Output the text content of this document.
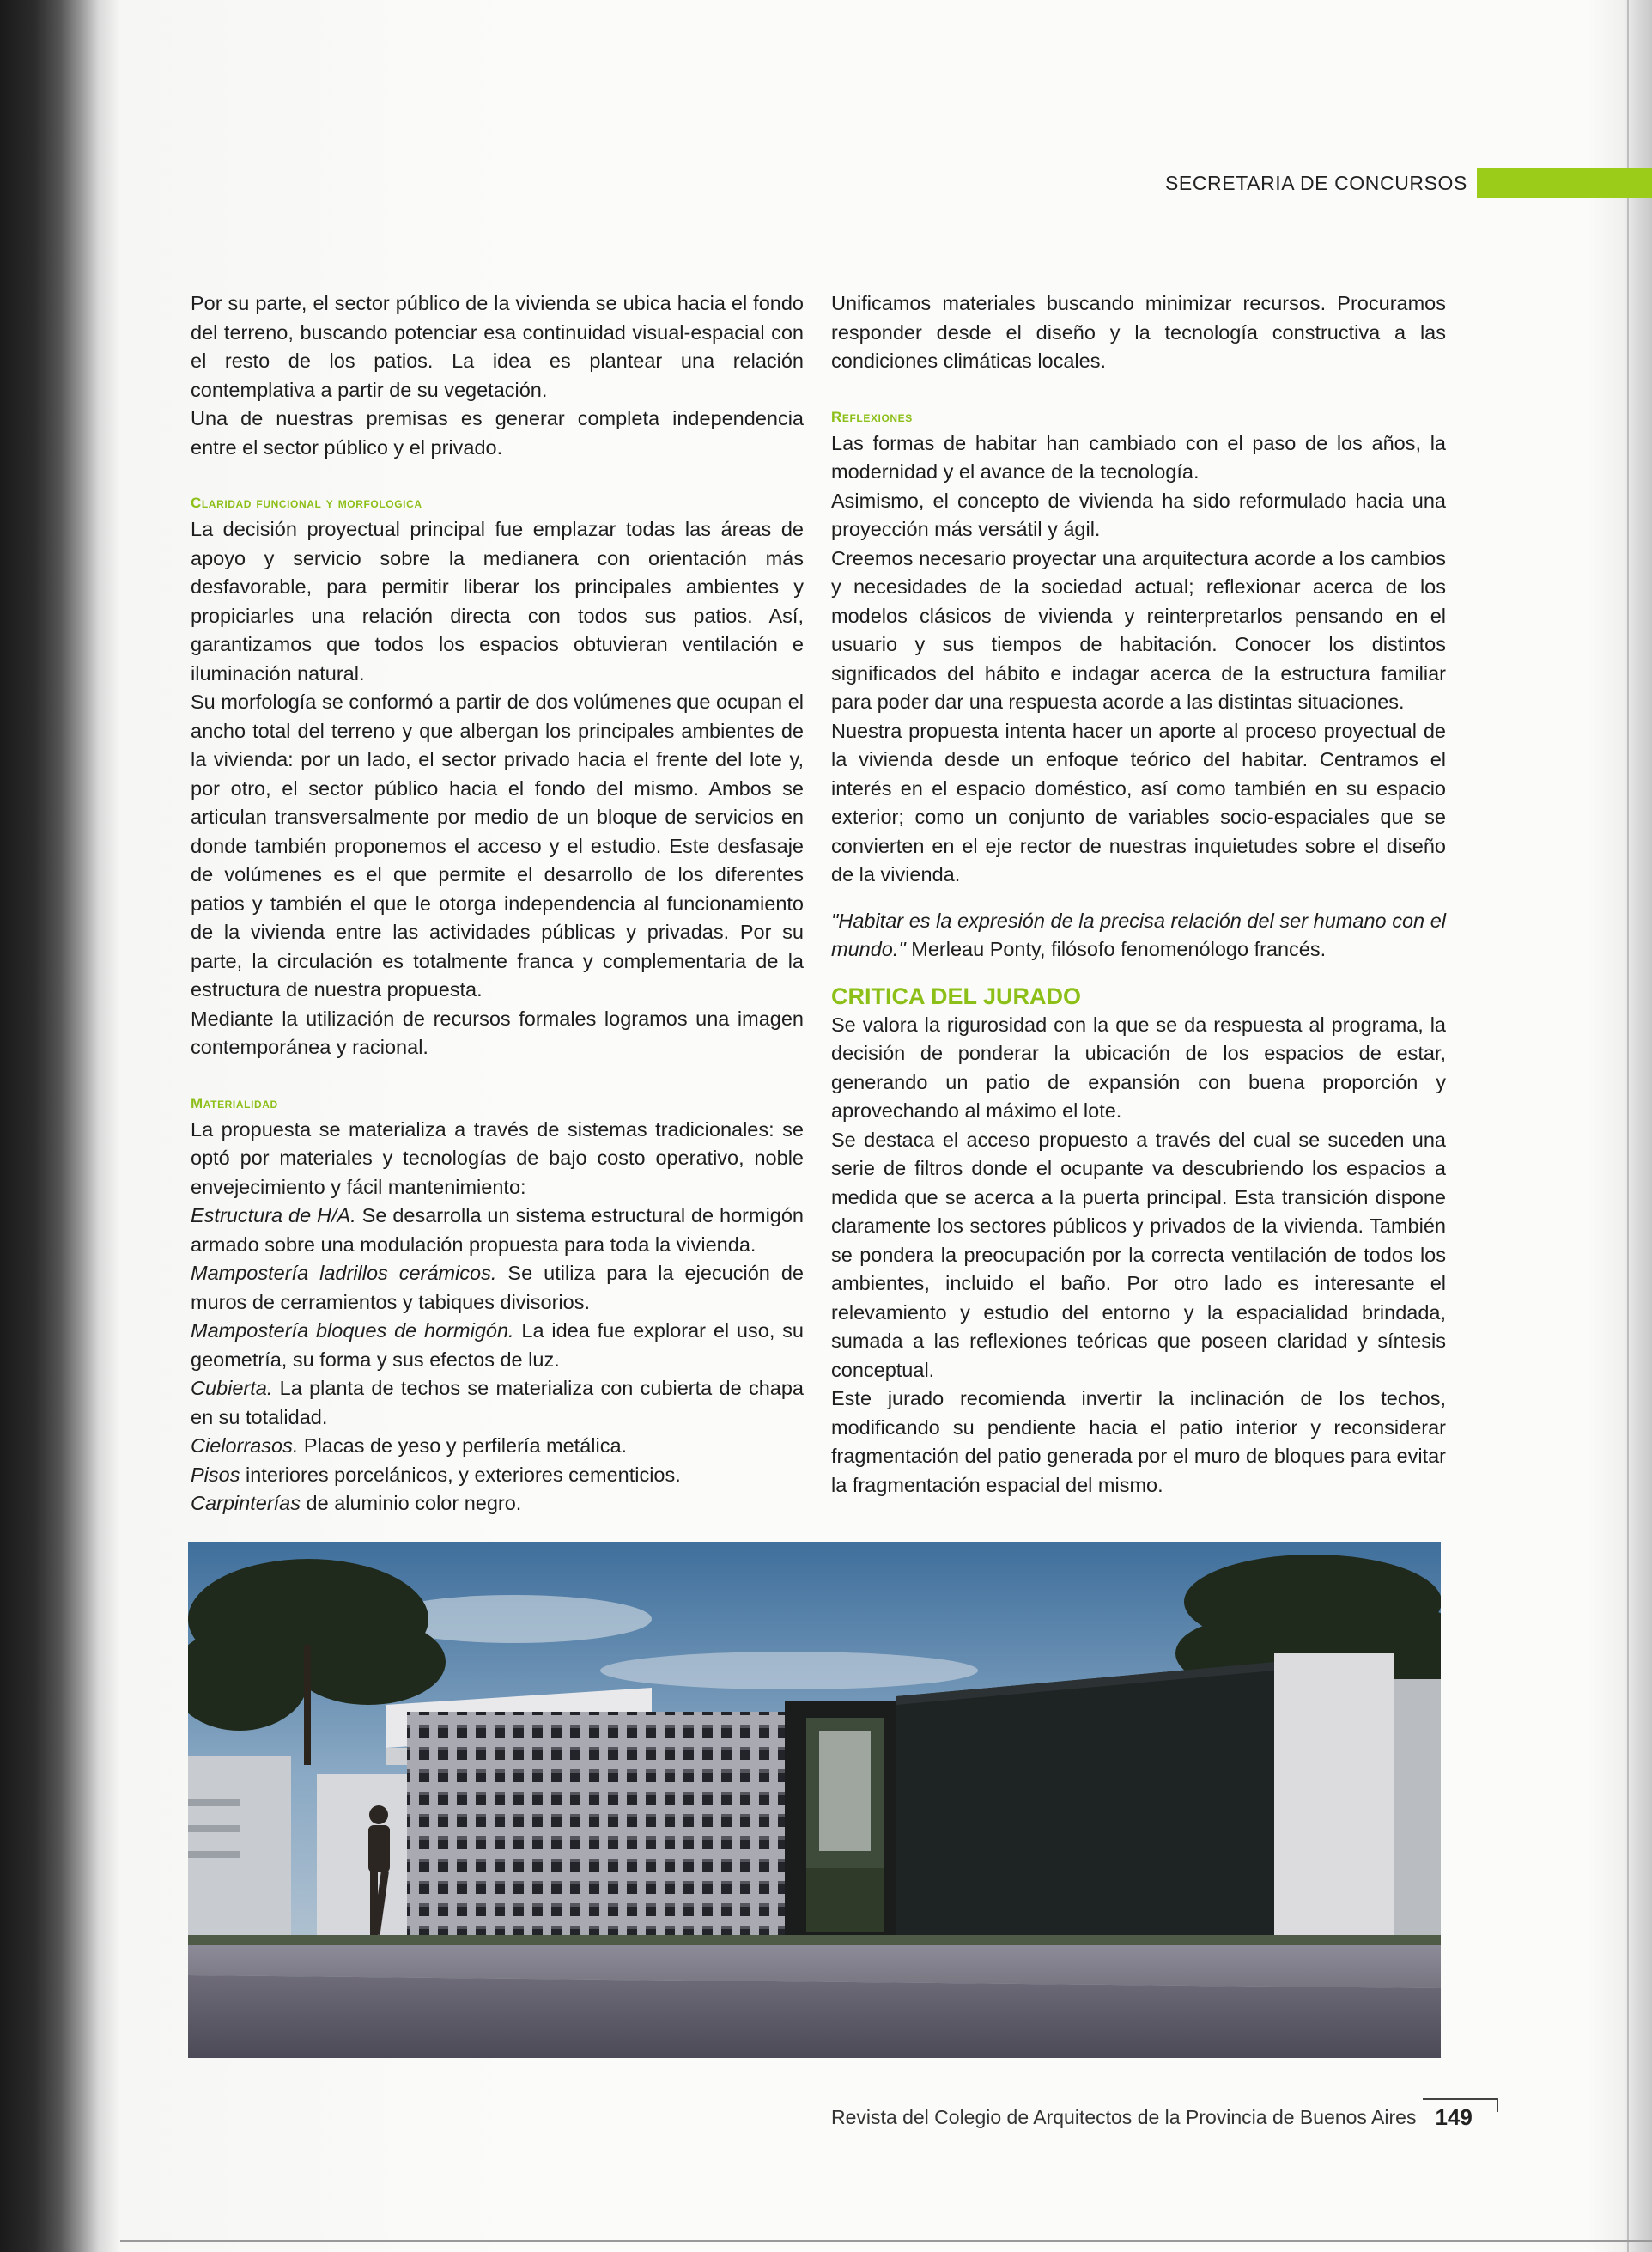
SECRETARIA DE CONCURSOS

Por su parte, el sector público de la vivienda se ubica hacia el fondo del terreno, buscando potenciar esa continuidad visual-espacial con el resto de los patios. La idea es plantear una relación contemplativa a partir de su vegetación.

Una de nuestras premisas es generar completa independencia entre el sector público y el privado.

Claridad funcional y morfologica

La decisión proyectual principal fue emplazar todas las áreas de apoyo y servicio sobre la medianera con orientación más desfavorable, para permitir liberar los principales ambientes y propiciarles una relación directa con todos sus patios. Así, garantizamos que todos los espacios obtuvieran ventilación e iluminación natural.

Su morfología se conformó a partir de dos volúmenes que ocupan el ancho total del terreno y que albergan los principales ambientes de la vivienda: por un lado, el sector privado hacia el frente del lote y, por otro, el sector público hacia el fondo del mismo. Ambos se articulan transversalmente por medio de un bloque de servicios en donde también proponemos el acceso y el estudio. Este desfasaje de volúmenes es el que permite el desarrollo de los diferentes patios y también el que le otorga independencia al funcionamiento de la vivienda entre las actividades públicas y privadas. Por su parte, la circulación es totalmente franca y complementaria de la estructura de nuestra propuesta.

Mediante la utilización de recursos formales logramos una imagen contemporánea y racional.

Materialidad

La propuesta se materializa a través de sistemas tradicionales: se optó por materiales y tecnologías de bajo costo operativo, noble envejecimiento y fácil mantenimiento:

Estructura de H/A. Se desarrolla un sistema estructural de hormigón armado sobre una modulación propuesta para toda la vivienda.

Mampostería ladrillos cerámicos. Se utiliza para la ejecución de muros de cerramientos y tabiques divisorios.

Mampostería bloques de hormigón. La idea fue explorar el uso, su geometría, su forma y sus efectos de luz.

Cubierta. La planta de techos se materializa con cubierta de chapa en su totalidad.

Cielorrasos. Placas de yeso y perfilería metálica.

Pisos interiores porcelánicos, y exteriores cementicios.

Carpinterías de aluminio color negro.

Unificamos materiales buscando minimizar recursos. Procuramos responder desde el diseño y la tecnología constructiva a las condiciones climáticas locales.

Reflexiones

Las formas de habitar han cambiado con el paso de los años, la modernidad y el avance de la tecnología.

Asimismo, el concepto de vivienda ha sido reformulado hacia una proyección más versátil y ágil.

Creemos necesario proyectar una arquitectura acorde a los cambios y necesidades de la sociedad actual; reflexionar acerca de los modelos clásicos de vivienda y reinterpretarlos pensando en el usuario y sus tiempos de habitación. Conocer los distintos significados del hábito e indagar acerca de la estructura familiar para poder dar una respuesta acorde a las distintas situaciones.

Nuestra propuesta intenta hacer un aporte al proceso proyectual de la vivienda desde un enfoque teórico del habitar. Centramos el interés en el espacio doméstico, así como también en su espacio exterior; como un conjunto de variables socio-espaciales que se convierten en el eje rector de nuestras inquietudes sobre el diseño de la vivienda.

"Habitar es la expresión de la precisa relación del ser humano con el mundo." Merleau Ponty, filósofo fenomenólogo francés.

CRITICA DEL JURADO

Se valora la rigurosidad con la que se da respuesta al programa, la decisión de ponderar la ubicación de los espacios de estar, generando un patio de expansión con buena proporción y aprovechando al máximo el lote.

Se destaca el acceso propuesto a través del cual se suceden una serie de filtros donde el ocupante va descubriendo los espacios a medida que se acerca a la puerta principal. Esta transición dispone claramente los sectores públicos y privados de la vivienda. También se pondera la preocupación por la correcta ventilación de todos los ambientes, incluido el baño. Por otro lado es interesante el relevamiento y estudio del entorno y la espacialidad brindada, sumada a las reflexiones teóricas que poseen claridad y síntesis conceptual.

Este jurado recomienda invertir la inclinación de los techos, modificando su pendiente hacia el patio interior y reconsiderar fragmentación del patio generada por el muro de bloques para evitar la fragmentación espacial del mismo.

Revista del Colegio de Arquitectos de la Provincia de Buenos Aires _149
